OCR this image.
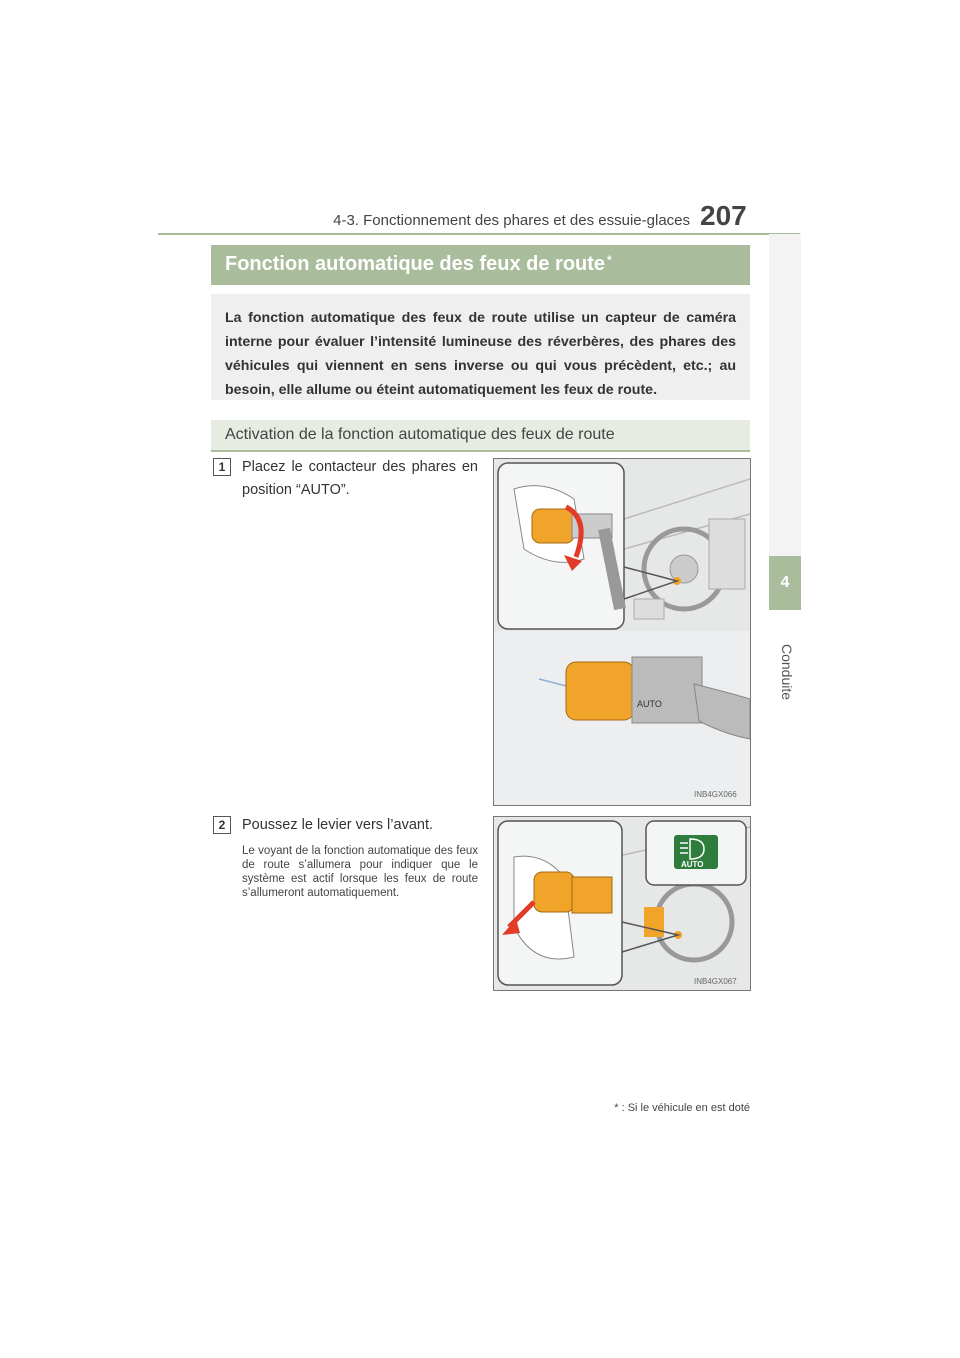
4-3. Fonctionnement des phares et des essuie-glaces 207
4
Conduite
Fonction automatique des feux de route *

La fonction automatique des feux de route utilise un capteur de caméra interne pour évaluer l’intensité lumineuse des réverbères, des phares des véhicules qui viennent en sens inverse ou qui vous précèdent, etc.; au besoin, elle allume ou éteint automatiquement les feux de route.

Activation de la fonction automatique des feux de route
1	Placez le contacteur des phares en position “AUTO”.
AUTO
INB4GX066
2	Poussez le levier vers l’avant.
Le voyant de la fonction automatique des feux de route s’allumera pour indiquer que le système est actif lorsque les feux de route s’allumeront automatiquement.
AUTO
INB4GX067
* : Si le véhicule en est doté
